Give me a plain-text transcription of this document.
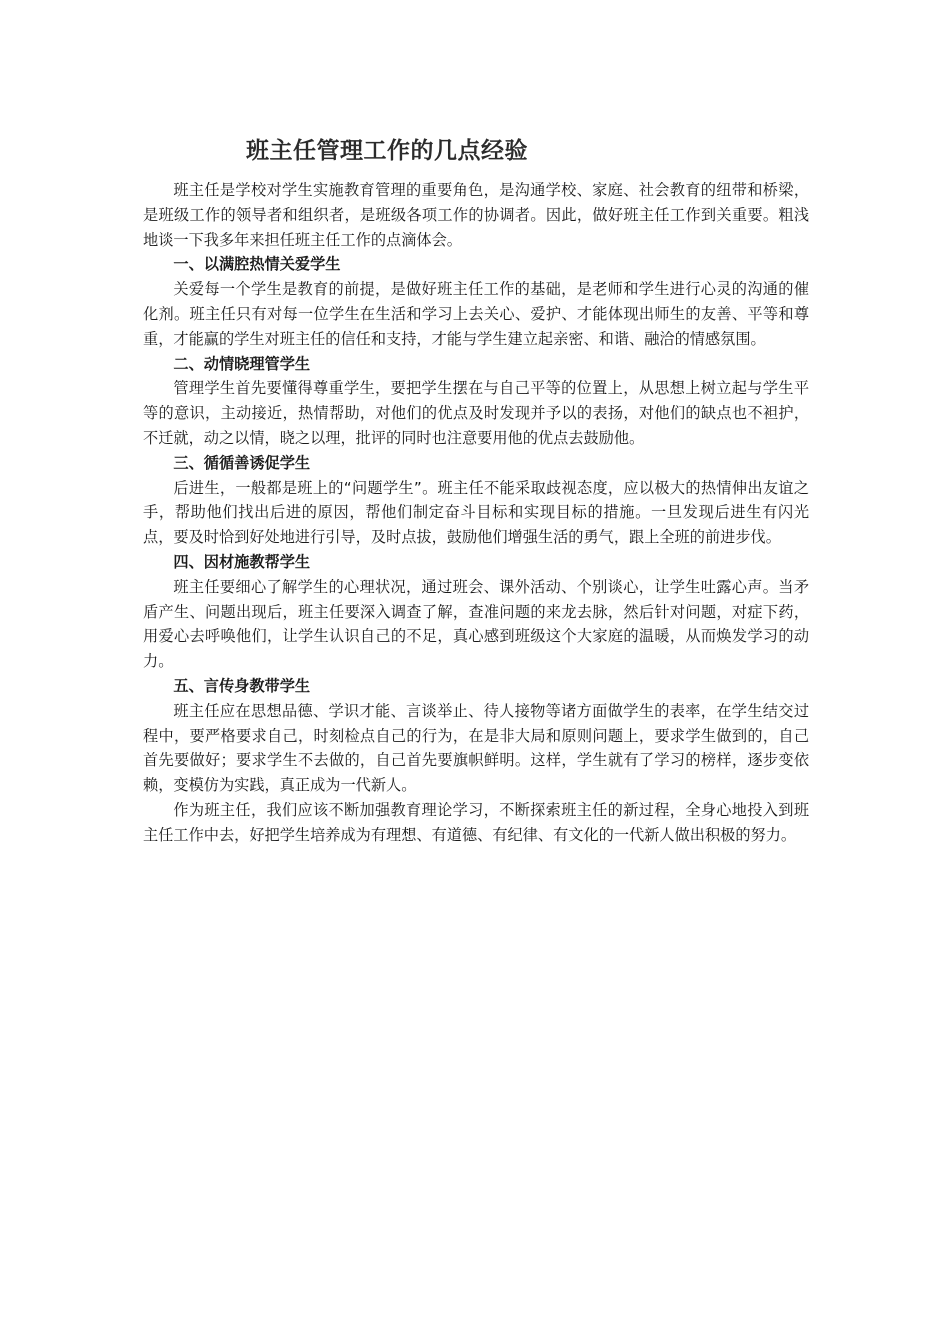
班主任管理工作的几点经验

班主任是学校对学生实施教育管理的重要角色，是沟通学校、家庭、社会教育的纽带和桥梁，是班级工作的领导者和组织者，是班级各项工作的协调者。因此，做好班主任工作到关重要。粗浅地谈一下我多年来担任班主任工作的点滴体会。

一、以满腔热情关爱学生

关爱每一个学生是教育的前提，是做好班主任工作的基础，是老师和学生进行心灵的沟通的催化剂。班主任只有对每一位学生在生活和学习上去关心、爱护、才能体现出师生的友善、平等和尊重，才能赢的学生对班主任的信任和支持，才能与学生建立起亲密、和谐、融洽的情感氛围。

二、动情晓理管学生

管理学生首先要懂得尊重学生，要把学生摆在与自己平等的位置上，从思想上树立起与学生平等的意识，主动接近，热情帮助，对他们的优点及时发现并予以的表扬，对他们的缺点也不袒护，不迁就，动之以情，晓之以理，批评的同时也注意要用他的优点去鼓励他。

三、循循善诱促学生

后进生，一般都是班上的“问题学生”。班主任不能采取歧视态度，应以极大的热情伸出友谊之手，帮助他们找出后进的原因，帮他们制定奋斗目标和实现目标的措施。一旦发现后进生有闪光点，要及时恰到好处地进行引导，及时点拔，鼓励他们增强生活的勇气，跟上全班的前进步伐。

四、因材施教帮学生

班主任要细心了解学生的心理状况，通过班会、课外活动、个别谈心，让学生吐露心声。当矛盾产生、问题出现后，班主任要深入调查了解，查准问题的来龙去脉，然后针对问题，对症下药，用爱心去呼唤他们，让学生认识自己的不足，真心感到班级这个大家庭的温暖，从而焕发学习的动力。

五、言传身教带学生

班主任应在思想品德、学识才能、言谈举止、待人接物等诸方面做学生的表率，在学生结交过程中，要严格要求自己，时刻检点自己的行为，在是非大局和原则问题上，要求学生做到的，自己首先要做好；要求学生不去做的，自己首先要旗帜鲜明。这样，学生就有了学习的榜样，逐步变依赖，变模仿为实践，真正成为一代新人。

作为班主任，我们应该不断加强教育理论学习，不断探索班主任的新过程，全身心地投入到班主任工作中去，好把学生培养成为有理想、有道德、有纪律、有文化的一代新人做出积极的努力。
